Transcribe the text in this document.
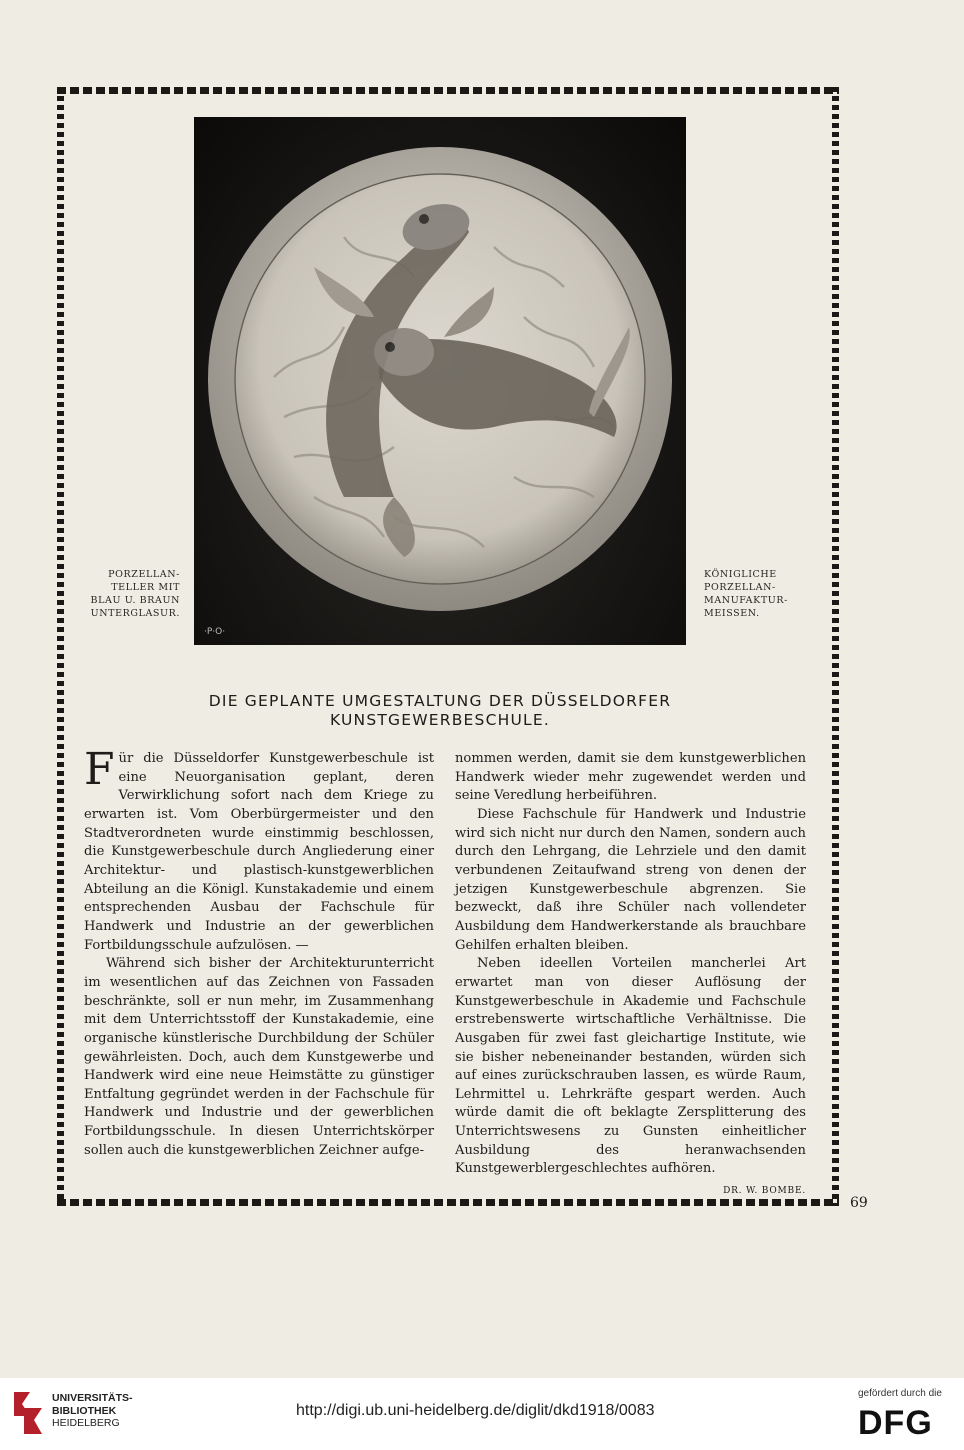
·P·O·
PORZELLAN-
TELLER MIT
BLAU U. BRAUN
UNTERGLASUR.
KÖNIGLICHE
PORZELLAN-
MANUFAKTUR-
MEISSEN.
DIE GEPLANTE UMGESTALTUNG DER DÜSSELDORFER
KUNSTGEWERBESCHULE.

Für die Düsseldorfer Kunstgewerbeschule ist eine Neuorganisation geplant, deren Verwirklichung sofort nach dem Kriege zu erwarten ist. Vom Oberbürgermeister und den Stadtverordneten wurde einstimmig beschlossen, die Kunstgewerbeschule durch Angliederung einer Architektur- und plastisch-kunstgewerblichen Abteilung an die Königl. Kunstakademie und einem entsprechenden Ausbau der Fachschule für Handwerk und Industrie an der gewerblichen Fortbildungsschule aufzulösen. —

Während sich bisher der Architekturunterricht im wesentlichen auf das Zeichnen von Fassaden beschränkte, soll er nun mehr, im Zusammenhang mit dem Unterrichtsstoff der Kunstakademie, eine organische künstlerische Durchbildung der Schüler gewährleisten. Doch, auch dem Kunstgewerbe und Handwerk wird eine neue Heimstätte zu günstiger Entfaltung gegründet werden in der Fachschule für Handwerk und Industrie und der gewerblichen Fortbildungsschule. In diesen Unterrichtskörper sollen auch die kunstgewerblichen Zeichner aufge-

nommen werden, damit sie dem kunstgewerblichen Handwerk wieder mehr zugewendet werden und seine Veredlung herbeiführen.

Diese Fachschule für Handwerk und Industrie wird sich nicht nur durch den Namen, sondern auch durch den Lehrgang, die Lehrziele und den damit verbundenen Zeitaufwand streng von denen der jetzigen Kunstgewerbeschule abgrenzen. Sie bezweckt, daß ihre Schüler nach vollendeter Ausbildung dem Handwerkerstande als brauchbare Gehilfen erhalten bleiben.

Neben ideellen Vorteilen mancherlei Art erwartet man von dieser Auflösung der Kunstgewerbeschule in Akademie und Fachschule erstrebenswerte wirtschaftliche Verhältnisse. Die Ausgaben für zwei fast gleichartige Institute, wie sie bisher nebeneinander bestanden, würden sich auf eines zurückschrauben lassen, es würde Raum, Lehrmittel u. Lehrkräfte gespart werden. Auch würde damit die oft beklagte Zersplitterung des Unterrichtswesens zu Gunsten einheitlicher Ausbildung des heranwachsenden Kunstgewerblergeschlechtes aufhören.
DR. W. BOMBE.

69
UNIVERSITÄTS-
BIBLIOTHEK
HEIDELBERG
http://digi.ub.uni-heidelberg.de/diglit/dkd1918/0083
gefördert durch die
DFG
